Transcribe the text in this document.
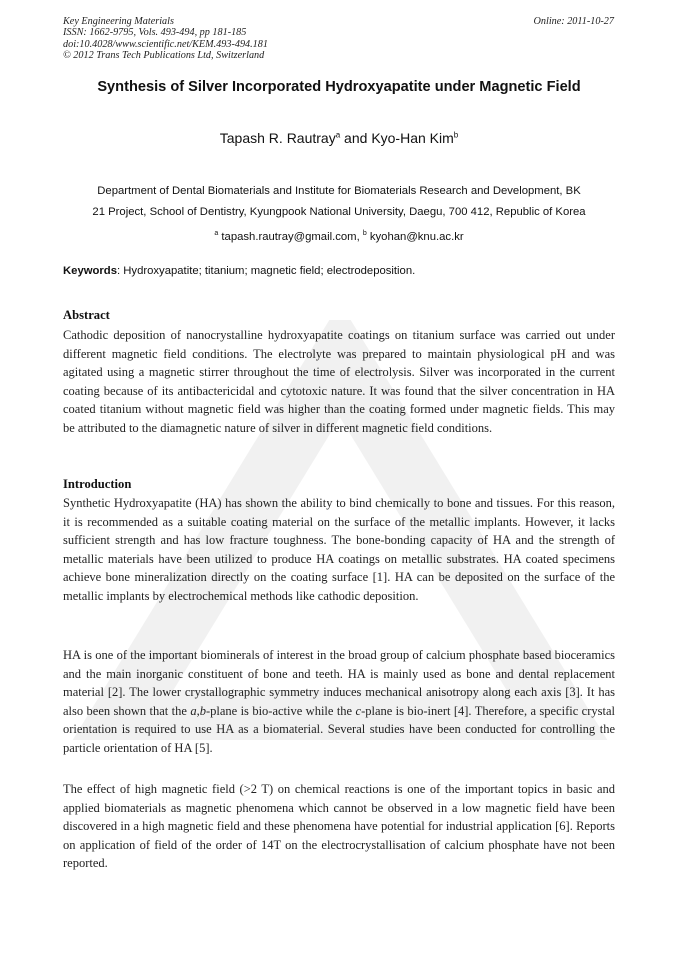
Key Engineering Materials
ISSN: 1662-9795, Vols. 493-494, pp 181-185
doi:10.4028/www.scientific.net/KEM.493-494.181
© 2012 Trans Tech Publications Ltd, Switzerland
Online: 2011-10-27
Synthesis of Silver Incorporated Hydroxyapatite under Magnetic Field
Tapash R. Rautray$^a$ and Kyo-Han Kim$^b$
Department of Dental Biomaterials and Institute for Biomaterials Research and Development, BK
21 Project, School of Dentistry, Kyungpook National University, Daegu, 700 412, Republic of Korea
$^a$ tapash.rautray@gmail.com, $^b$ kyohan@knu.ac.kr
Keywords: Hydroxyapatite; titanium; magnetic field; electrodeposition.
Abstract

Cathodic deposition of nanocrystalline hydroxyapatite coatings on titanium surface was carried out under different magnetic field conditions. The electrolyte was prepared to maintain physiological pH and was agitated using a magnetic stirrer throughout the time of electrolysis. Silver was incorporated in the current coating because of its antibactericidal and cytotoxic nature. It was found that the silver concentration in HA coated titanium without magnetic field was higher than the coating formed under magnetic fields. This may be attributed to the diamagnetic nature of silver in different magnetic field conditions.

Introduction

Synthetic Hydroxyapatite (HA) has shown the ability to bind chemically to bone and tissues. For this reason, it is recommended as a suitable coating material on the surface of the metallic implants. However, it lacks sufficient strength and has low fracture toughness. The bone-bonding capacity of HA and the strength of metallic materials have been utilized to produce HA coatings on metallic substrates. HA coated specimens achieve bone mineralization directly on the coating surface [1]. HA can be deposited on the surface of the metallic implants by electrochemical methods like cathodic deposition.

HA is one of the important biominerals of interest in the broad group of calcium phosphate based bioceramics and the main inorganic constituent of bone and teeth. HA is mainly used as bone and dental replacement material [2]. The lower crystallographic symmetry induces mechanical anisotropy along each axis [3]. It has also been shown that the a,b-plane is bio-active while the c-plane is bio-inert [4]. Therefore, a specific crystal orientation is required to use HA as a biomaterial. Several studies have been conducted for controlling the particle orientation of HA [5].

The effect of high magnetic field (>2 T) on chemical reactions is one of the important topics in basic and applied biomaterials as magnetic phenomena which cannot be observed in a low magnetic field have been discovered in a high magnetic field and these phenomena have potential for industrial application [6]. Reports on application of field of the order of 14T on the electrocrystallisation of calcium phosphate have not been reported.
